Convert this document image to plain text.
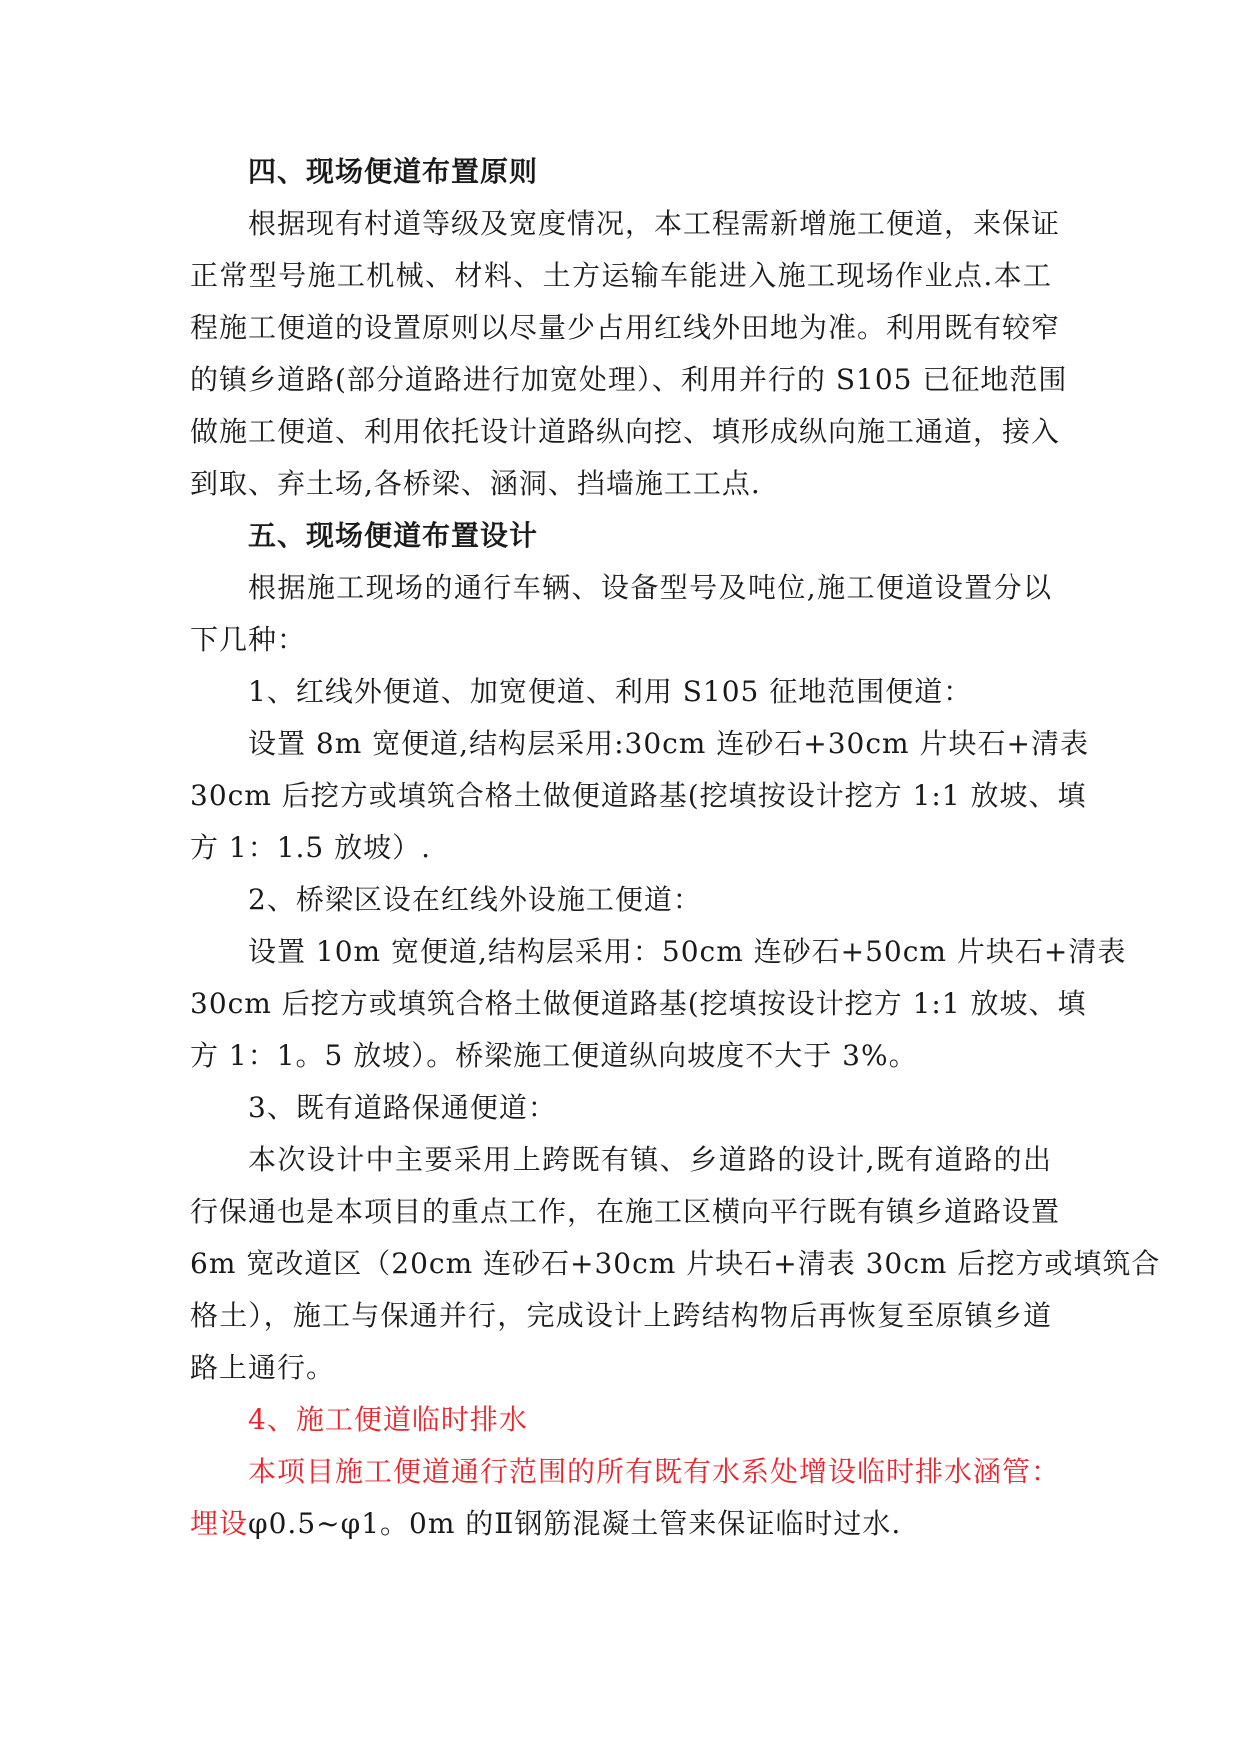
四、现场便道布置原则
根据现有村道等级及宽度情况，本工程需新增施工便道，来保证
正常型号施工机械、材料、土方运输车能进入施工现场作业点.本工
程施工便道的设置原则以尽量少占用红线外田地为准。利用既有较窄
的镇乡道路(部分道路进行加宽处理）、利用并行的 S105 已征地范围
做施工便道、利用依托设计道路纵向挖、填形成纵向施工通道，接入
到取、弃土场,各桥梁、涵洞、挡墙施工工点.
五、现场便道布置设计
根据施工现场的通行车辆、设备型号及吨位,施工便道设置分以
下几种：
1、红线外便道、加宽便道、利用 S105 征地范围便道：
设置 8m 宽便道,结构层采用:30cm 连砂石+30cm 片块石+清表
30cm 后挖方或填筑合格土做便道路基(挖填按设计挖方 1:1 放坡、填
方 1：1.5 放坡）.
2、桥梁区设在红线外设施工便道：
设置 10m 宽便道,结构层采用：50cm 连砂石+50cm 片块石+清表
30cm 后挖方或填筑合格土做便道路基(挖填按设计挖方 1:1 放坡、填
方 1：1。5 放坡）。桥梁施工便道纵向坡度不大于 3%。
3、既有道路保通便道：
本次设计中主要采用上跨既有镇、乡道路的设计,既有道路的出
行保通也是本项目的重点工作，在施工区横向平行既有镇乡道路设置
6m 宽改道区（20cm 连砂石+30cm 片块石+清表 30cm 后挖方或填筑合
格土），施工与保通并行，完成设计上跨结构物后再恢复至原镇乡道
路上通行。
4、施工便道临时排水
本项目施工便道通行范围的所有既有水系处增设临时排水涵管：
埋设φ0.5~φ1。0m 的Ⅱ钢筋混凝土管来保证临时过水.
